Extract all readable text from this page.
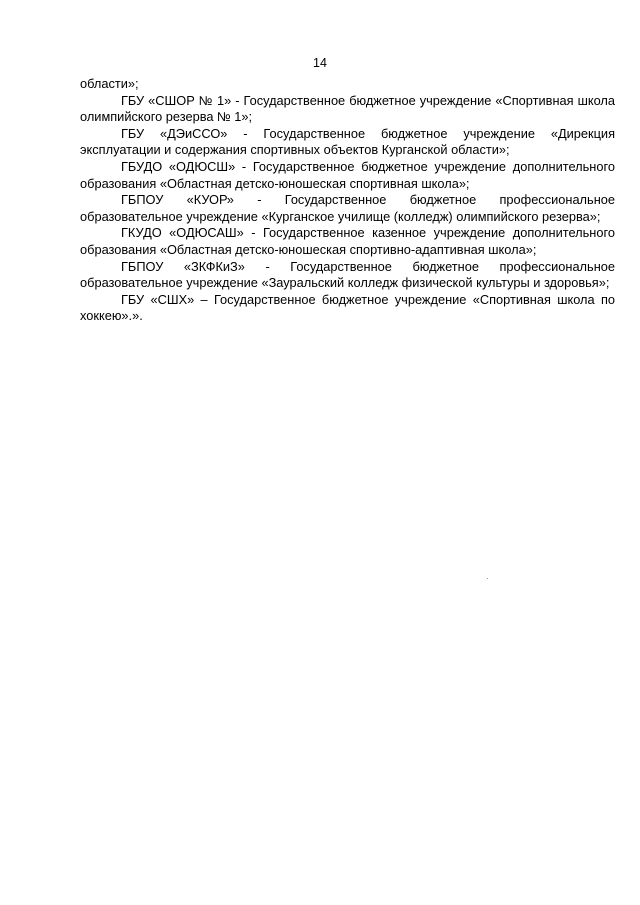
14

области»;

ГБУ «СШОР № 1» - Государственное бюджетное учреждение «Спортивная школа олимпийского резерва № 1»;

ГБУ «ДЭиССО» - Государственное бюджетное учреждение «Дирекция эксплуатации и содержания спортивных объектов Курганской области»;

ГБУДО «ОДЮСШ» - Государственное бюджетное учреждение дополнительного образования «Областная детско-юношеская спортивная школа»;

ГБПОУ «КУОР» - Государственное бюджетное профессиональное образовательное учреждение «Курганское училище (колледж) олимпийского резерва»;

ГКУДО «ОДЮСАШ» - Государственное казенное учреждение дополнительного образования «Областная детско-юношеская спортивно-адаптивная школа»;

ГБПОУ «ЗКФКиЗ» - Государственное бюджетное профессиональное образовательное учреждение «Зауральский колледж физической культуры и здоровья»;

ГБУ «СШХ» – Государственное бюджетное учреждение «Спортивная школа по хоккею».».
